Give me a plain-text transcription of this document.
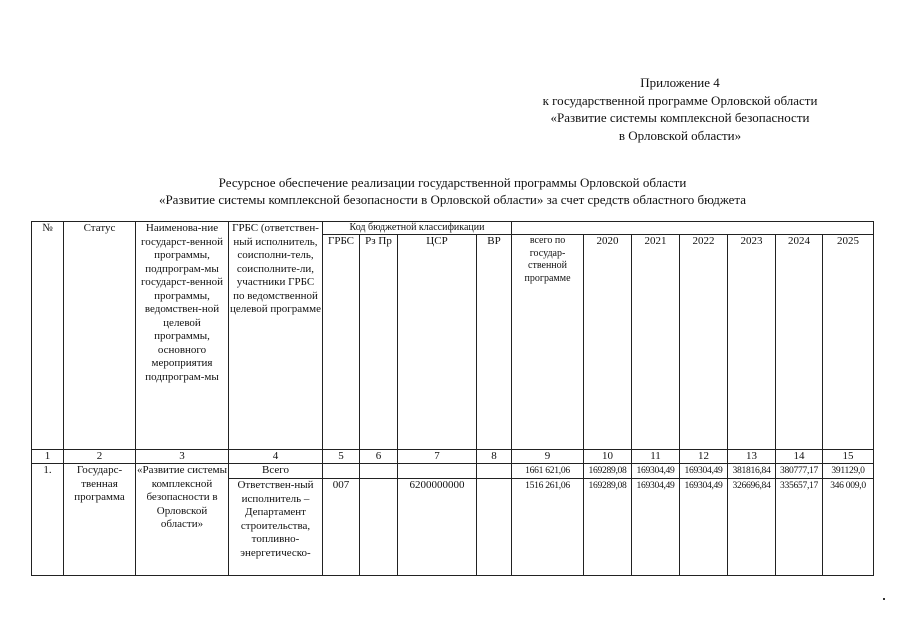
Приложение 4
к государственной программе Орловской области
«Развитие системы комплексной безопасности
в Орловской области»
Ресурсное обеспечение реализации государственной программы Орловской области
«Развитие системы комплексной безопасности в Орловской области» за счет средств областного бюджета
№	Статус	Наименова-ние государст-венной программы, подпрограм-мы государст-венной программы, ведомствен-ной целевой программы, основного мероприятия подпрограм-мы	ГРБС (ответствен-ный исполнитель, соисполни-тель, соисполните-ли, участники ГРБС по ведомственной целевой программе	Код бюджетной классификации										
				ГРБС	Рз Пр	ЦСР	ВР	всего по государ-ственной программе	2020	2021	2022	2023	2024	2025
1	2	3	4	5	6	7	8	9	10	11	12	13	14	15
1.	Государс-твенная программа	«Развитие системы комплексной безопасности в Орловской области»	Всего					1661 621,06	169289,08	169304,49	169304,49	381816,84	380777,17	391129,0
			Ответствен-ный исполнитель – Департамент строительства, топливно-энергетическо-	007		6200000000		1516 261,06	169289,08	169304,49	169304,49	326696,84	335657,17	346 009,0
